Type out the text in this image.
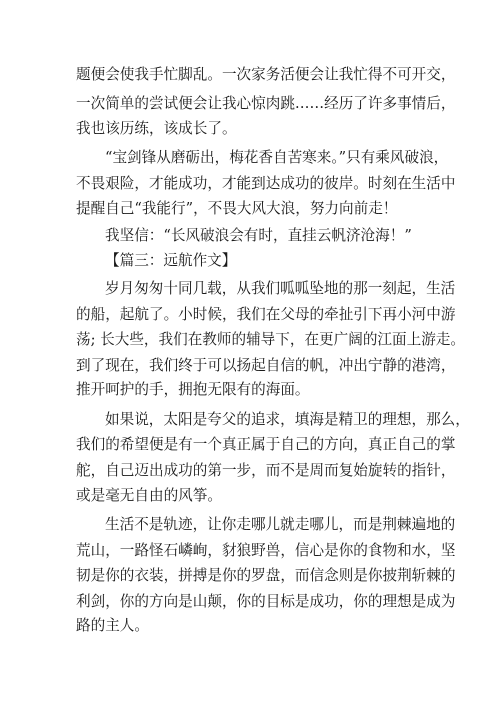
题便会使我手忙脚乱。一次家务活便会让我忙得不可开交，
一次简单的尝试便会让我心惊肉跳……经历了许多事情后，
我也该历练，该成长了。
“宝剑锋从磨砺出，梅花香自苦寒来。”只有乘风破浪，
不畏艰险，才能成功，才能到达成功的彼岸。时刻在生活中
提醒自己“我能行”，不畏大风大浪，努力向前走！
我坚信：“长风破浪会有时，直挂云帆济沧海！”
【篇三：远航作文】
岁月匆匆十同几载，从我们呱呱坠地的那一刻起，生活
的船，起航了。小时候，我们在父母的牵扯引下再小河中游
荡; 长大些，我们在教师的辅导下，在更广阔的江面上游走。
到了现在，我们终于可以扬起自信的帆，冲出宁静的港湾，
推开呵护的手，拥抱无限有的海面。
如果说，太阳是夸父的追求，填海是精卫的理想，那么，
我们的希望便是有一个真正属于自己的方向，真正自己的掌
舵，自己迈出成功的第一步，而不是周而复始旋转的指针，
或是毫无自由的风筝。
生活不是轨迹，让你走哪儿就走哪儿，而是荆棘遍地的
荒山，一路怪石嶙峋，豺狼野兽，信心是你的食物和水，坚
韧是你的衣装，拼搏是你的罗盘，而信念则是你披荆斩棘的
利剑，你的方向是山颠，你的目标是成功，你的理想是成为
路的主人。
